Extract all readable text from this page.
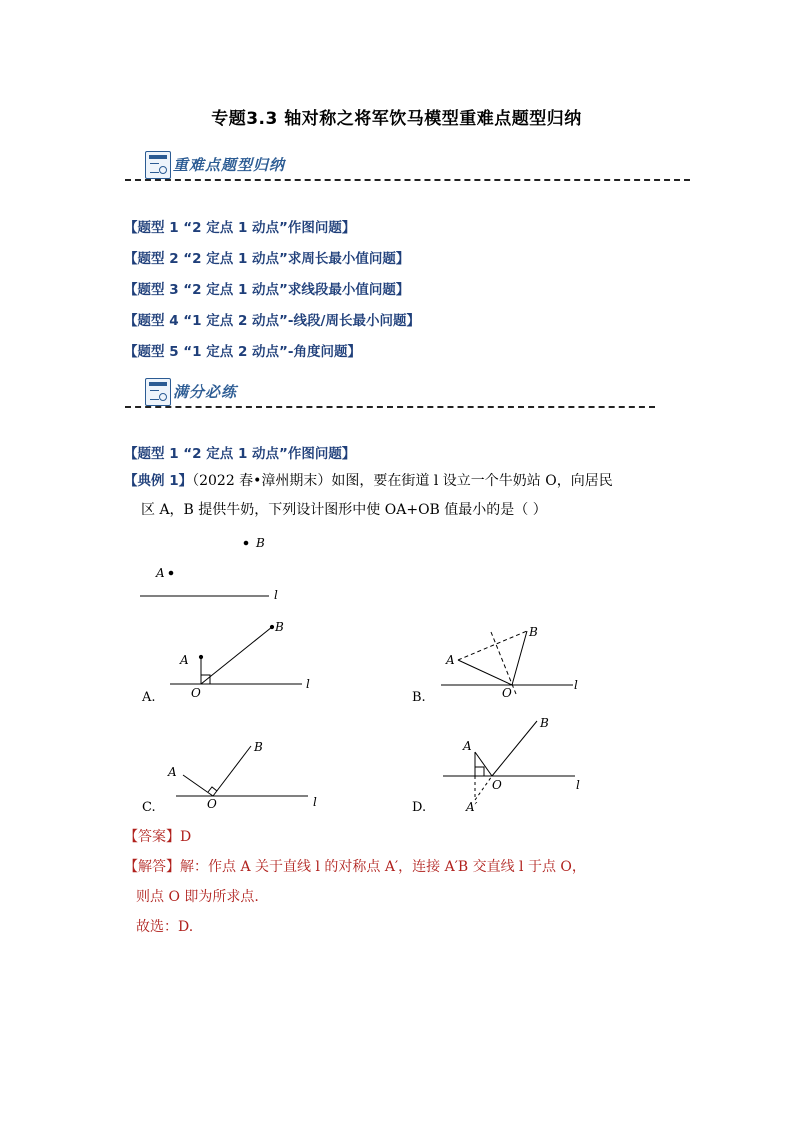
专题3.3 轴对称之将军饮马模型重难点题型归纳
重难点题型归纳
【题型 1 “2 定点 1 动点”作图问题】
【题型 2 “2 定点 1 动点”求周长最小值问题】
【题型 3 “2 定点 1 动点”求线段最小值问题】
【题型 4 “1 定点 2 动点”-线段/周长最小问题】
【题型 5 “1 定点 2 动点”-角度问题】
满分必练
【题型 1 “2 定点 1 动点”作图问题】
【典例 1】（2022 春•漳州期末）如图，要在街道 l 设立一个牛奶站 O，向居民
区 A，B 提供牛奶，下列设计图形中使 OA+OB 值最小的是（ ）
B
A
l
A
B
O
l
A.
A
B
O
l
B.
A
B
O	l
C.
A
B
O	l
A′
D.
【答案】D
【解答】解：作点 A 关于直线 l 的对称点 A′，连接 A′B 交直线 l 于点 O，
则点 O 即为所求点.
故选：D.
